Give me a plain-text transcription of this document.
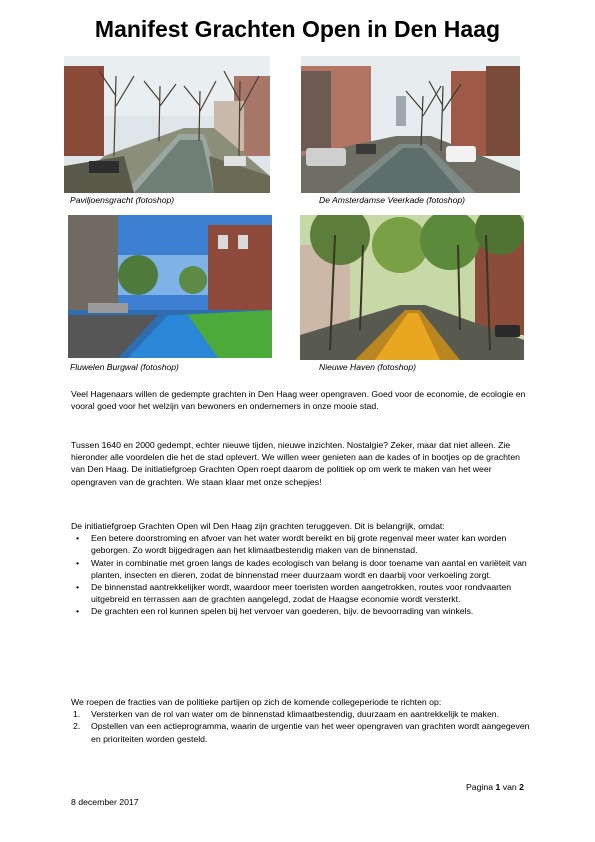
Manifest Grachten Open in Den Haag
Paviljoensgracht (fotoshop)	De Amsterdamse Veerkade (fotoshop)
Fluwelen Burgwal (fotoshop)	Nieuwe Haven (fotoshop)

Veel Hagenaars willen de gedempte grachten in Den Haag weer opengraven. Goed voor de economie, de ecologie en vooral goed voor het welzijn van bewoners en ondernemers in onze mooie stad.

Tussen 1640 en 2000 gedempt, echter nieuwe tijden, nieuwe inzichten. Nostalgie? Zeker, maar dat niet alleen. Zie hieronder alle voordelen die het de stad oplevert. We willen weer genieten aan de kades of in bootjes op de grachten van Den Haag. De initiatiefgroep Grachten Open roept daarom de politiek op om werk te maken van het weer opengraven van de grachten. We staan klaar met onze schepjes!

De initiatiefgroep Grachten Open wil Den Haag zijn grachten teruggeven. Dit is belangrijk, omdat:

• Een betere doorstroming en afvoer van het water wordt bereikt en bij grote regenval meer water kan worden geborgen. Zo wordt bijgedragen aan het klimaatbestendig maken van de binnenstad.
• Water in combinatie met groen langs de kades ecologisch van belang is door toename van aantal en variëteit van planten, insecten en dieren, zodat de binnenstad meer duurzaam wordt en daarbij voor verkoeling zorgt.
• De binnenstad aantrekkelijker wordt, waardoor meer toeristen worden aangetrokken, routes voor rondvaarten uitgebreid en terrassen aan de grachten aangelegd, zodat de Haagse economie wordt versterkt.
• De grachten een rol kunnen spelen bij het vervoer van goederen, bijv. de bevoorrading van winkels.

We roepen de fracties van de politieke partijen op zich de komende collegeperiode te richten op:

1. Versterken van de rol van water om de binnenstad klimaatbestendig, duurzaam en aantrekkelijk te maken.
2. Opstellen van een actieprogramma, waarin de urgentie van het weer opengraven van grachten wordt aangegeven en prioriteiten worden gesteld.
Pagina 1 van 2
8 december 2017
